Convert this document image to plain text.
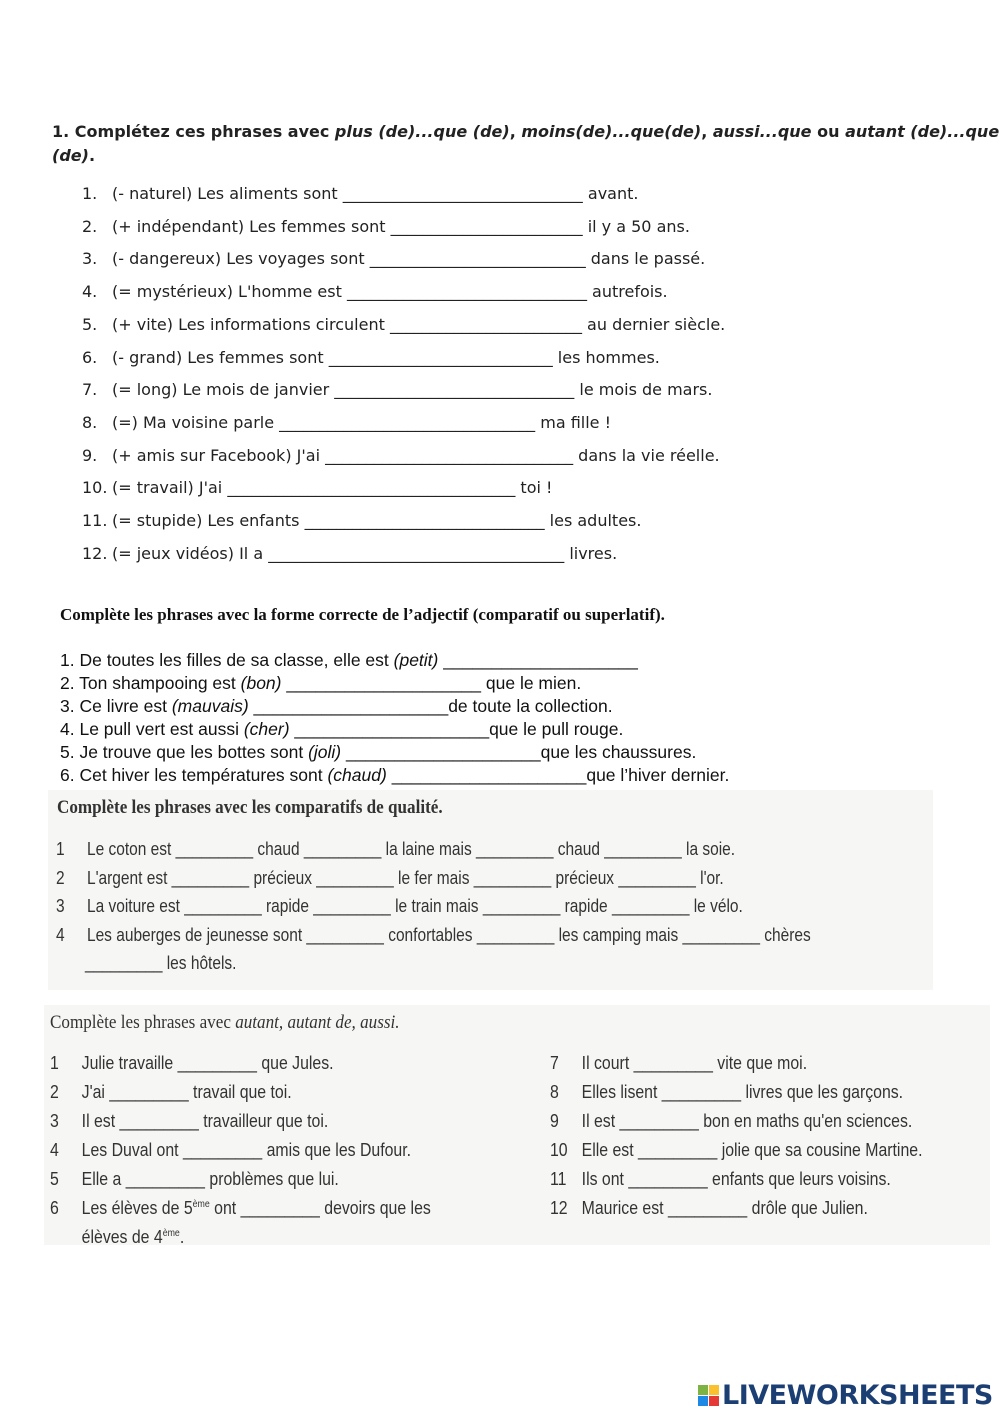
1. Complétez ces phrases avec plus (de)...que (de), moins(de)...que(de), aussi...que ou autant (de)...que (de).
1. (- naturel) Les aliments sont ______________________________ avant.
2. (+ indépendant) Les femmes sont ________________________ il y a 50 ans.
3. (- dangereux) Les voyages sont ___________________________ dans le passé.
4. (= mystérieux) L'homme est ______________________________ autrefois.
5. (+ vite) Les informations circulent ________________________ au dernier siècle.
6. (- grand) Les femmes sont ____________________________ les hommes.
7. (= long) Le mois de janvier ______________________________ le mois de mars.
8. (=) Ma voisine parle ________________________________ ma fille !
9. (+ amis sur Facebook) J'ai _______________________________ dans la vie réelle.
10. (= travail) J'ai ____________________________________ toi !
11. (= stupide) Les enfants ______________________________ les adultes.
12. (= jeux vidéos) Il a _____________________________________ livres.
Complète les phrases avec la forme correcte de l’adjectif (comparatif ou superlatif).
1. De toutes les filles de sa classe, elle est (petit) ____________________
2. Ton shampooing est (bon) ____________________ que le mien.
3. Ce livre est (mauvais) ____________________de toute la collection.
4. Le pull vert est aussi (cher) ____________________que le pull rouge.
5. Je trouve que les bottes sont (joli) ____________________que les chaussures.
6. Cet hiver les températures sont (chaud) ____________________que l’hiver dernier.
Complète les phrases avec les comparatifs de qualité.
1 Le coton est _________ chaud _________ la laine mais _________ chaud _________ la soie.
2 L'argent est _________ précieux _________ le fer mais _________ précieux _________ l'or.
3 La voiture est _________ rapide _________ le train mais _________ rapide _________ le vélo.
4 Les auberges de jeunesse sont _________ confortables _________ les camping mais _________ chères
_________ les hôtels.
Complète les phrases avec autant, autant de, aussi.
1 Julie travaille _________ que Jules.
2 J'ai _________ travail que toi.
3 Il est _________ travailleur que toi.
4 Les Duval ont _________ amis que les Dufour.
5 Elle a _________ problèmes que lui.
6 Les élèves de 5ème ont _________ devoirs que les
élèves de 4ème.
7 Il court _________ vite que moi.
8 Elles lisent _________ livres que les garçons.
9 Il est _________ bon en maths qu'en sciences.
10 Elle est _________ jolie que sa cousine Martine.
11 Ils ont _________ enfants que leurs voisins.
12 Maurice est _________ drôle que Julien.
LIVEWORKSHEETS
